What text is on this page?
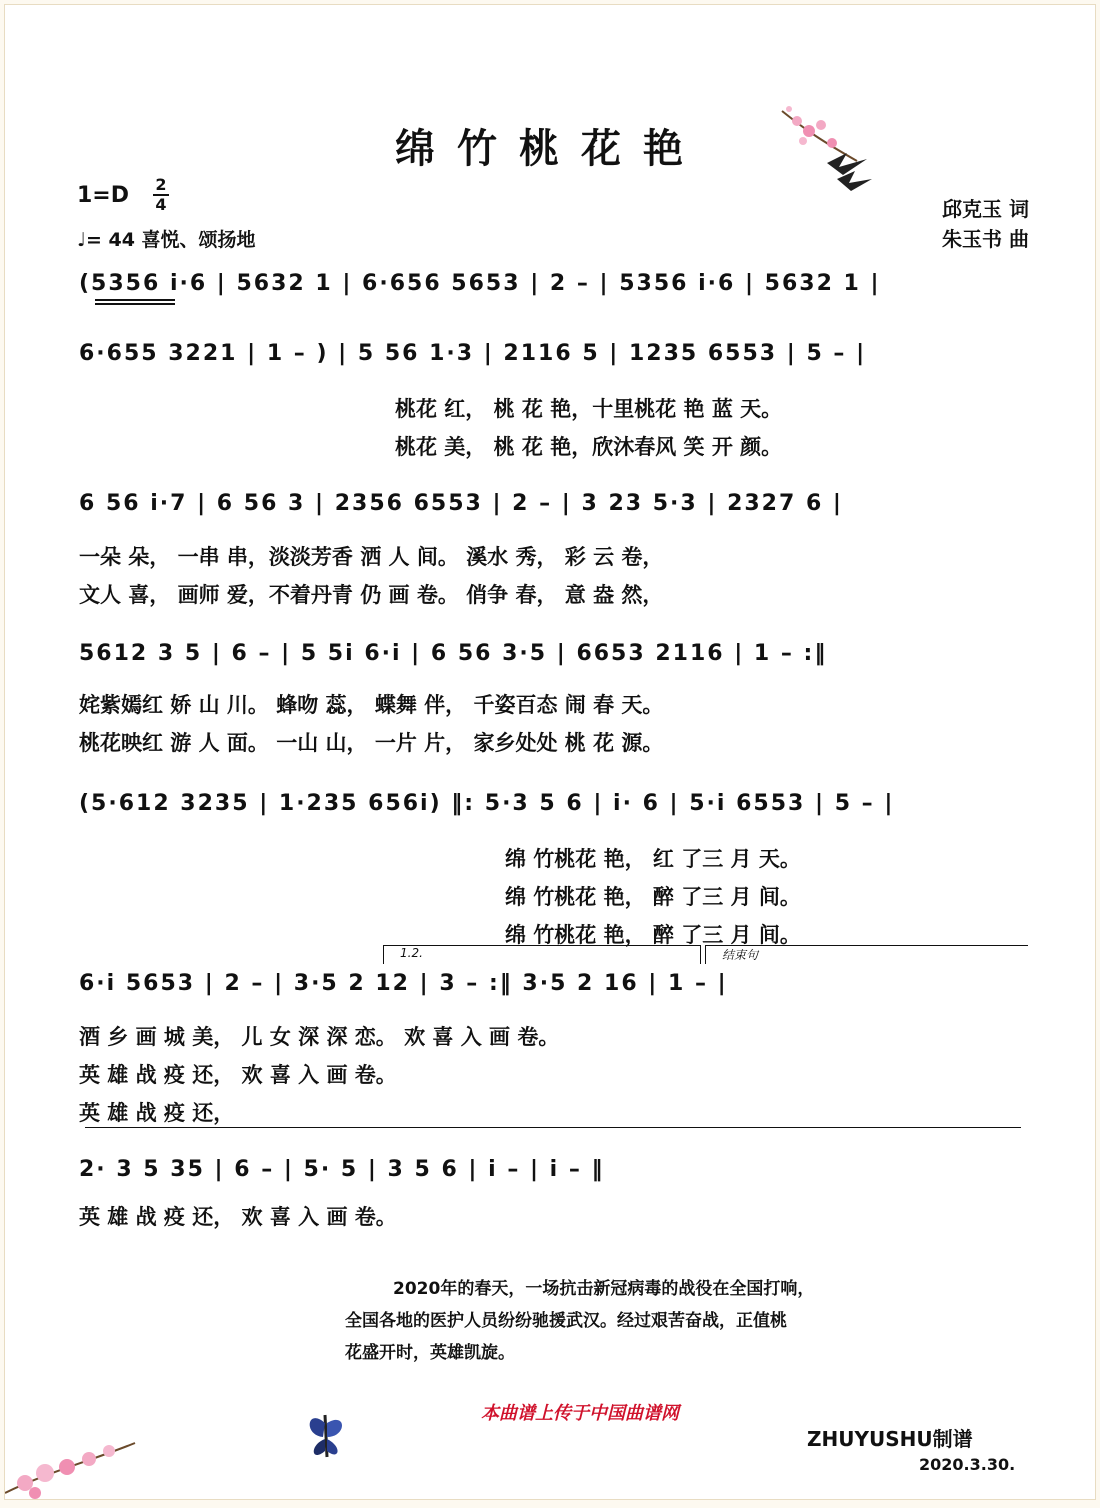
绵竹桃花艳
1=D 2
4
♩= 44 喜悦、颂扬地
邱克玉 词
朱玉书 曲
(5356 i·6 | 5632 1 | 6·656 5653 | 2 – | 5356 i·6 | 5632 1 |
6·655 3221 | 1 – ) | 5 56 1·3 | 2116 5 | 1235 6553 | 5 – |
桃花 红， 桃 花 艳，十里桃花 艳 蓝 天。
桃花 美， 桃 花 艳，欣沐春风 笑 开 颜。
6 56 i·7 | 6 56 3 | 2356 6553 | 2 – | 3 23 5·3 | 2327 6 |
一朵 朵， 一串 串，淡淡芳香 洒 人 间。 溪水 秀， 彩 云 卷，
文人 喜， 画师 爱，不着丹青 仍 画 卷。 俏争 春， 意 盎 然，
5612 3 5 | 6 – | 5 5i 6·i | 6 56 3·5 | 6653 2116 | 1 – :‖
姹紫嫣红 娇 山 川。 蜂吻 蕊， 蝶舞 伴， 千姿百态 闹 春 天。
桃花映红 游 人 面。 一山 山， 一片 片， 家乡处处 桃 花 源。
(5·612 3235 | 1·235 656i) ‖: 5·3 5 6 | i· 6 | 5·i 6553 | 5 – |
绵 竹桃花 艳， 红 了三 月 天。
绵 竹桃花 艳， 醉 了三 月 间。
绵 竹桃花 艳， 醉 了三 月 间。
1.2.	结束句
6·i 5653 | 2 – | 3·5 2 12 | 3 – :‖ 3·5 2 16 | 1 – |
酒 乡 画 城 美， 儿 女 深 深 恋。 欢 喜 入 画 卷。
英 雄 战 疫 还， 欢 喜 入 画 卷。
英 雄 战 疫 还，
2· 3 5 35 | 6 – | 5· 5 | 3 5 6 | i – | i – ‖
英 雄 战 疫 还， 欢 喜 入 画 卷。
2020年的春天，一场抗击新冠病毒的战役在全国打响，
全国各地的医护人员纷纷驰援武汉。经过艰苦奋战，正值桃
花盛开时，英雄凯旋。
本曲谱上传于中国曲谱网
ZHUYUSHU制谱
2020.3.30.
